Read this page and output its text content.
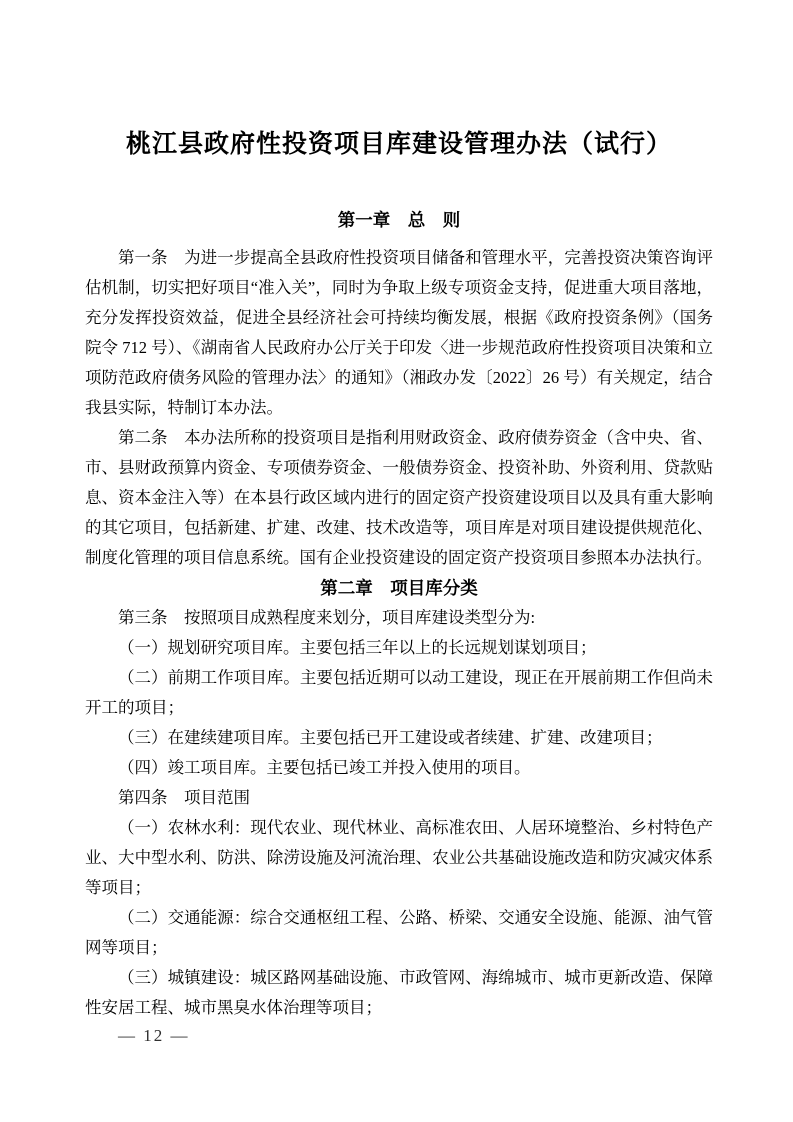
桃江县政府性投资项目库建设管理办法（试行）
第一章　总　则

第一条　为进一步提高全县政府性投资项目储备和管理水平，完善投资决策咨询评估机制，切实把好项目“准入关”，同时为争取上级专项资金支持，促进重大项目落地，充分发挥投资效益，促进全县经济社会可持续均衡发展，根据《政府投资条例》（国务院令 712 号）、《湖南省人民政府办公厅关于印发〈进一步规范政府性投资项目决策和立项防范政府债务风险的管理办法〉的通知》（湘政办发〔2022〕26 号）有关规定，结合我县实际，特制订本办法。

第二条　本办法所称的投资项目是指利用财政资金、政府债券资金（含中央、省、市、县财政预算内资金、专项债券资金、一般债券资金、投资补助、外资利用、贷款贴息、资本金注入等）在本县行政区域内进行的固定资产投资建设项目以及具有重大影响的其它项目，包括新建、扩建、改建、技术改造等，项目库是对项目建设提供规范化、制度化管理的项目信息系统。国有企业投资建设的固定资产投资项目参照本办法执行。

第二章　项目库分类

第三条　按照项目成熟程度来划分，项目库建设类型分为:

（一）规划研究项目库。主要包括三年以上的长远规划谋划项目；

（二）前期工作项目库。主要包括近期可以动工建设，现正在开展前期工作但尚未开工的项目；

（三）在建续建项目库。主要包括已开工建设或者续建、扩建、改建项目；

（四）竣工项目库。主要包括已竣工并投入使用的项目。

第四条　项目范围

（一）农林水利：现代农业、现代林业、高标准农田、人居环境整治、乡村特色产业、大中型水利、防洪、除涝设施及河流治理、农业公共基础设施改造和防灾减灾体系等项目；

（二）交通能源：综合交通枢纽工程、公路、桥梁、交通安全设施、能源、油气管网等项目；

（三）城镇建设：城区路网基础设施、市政管网、海绵城市、城市更新改造、保障性安居工程、城市黑臭水体治理等项目；

— 12 —
